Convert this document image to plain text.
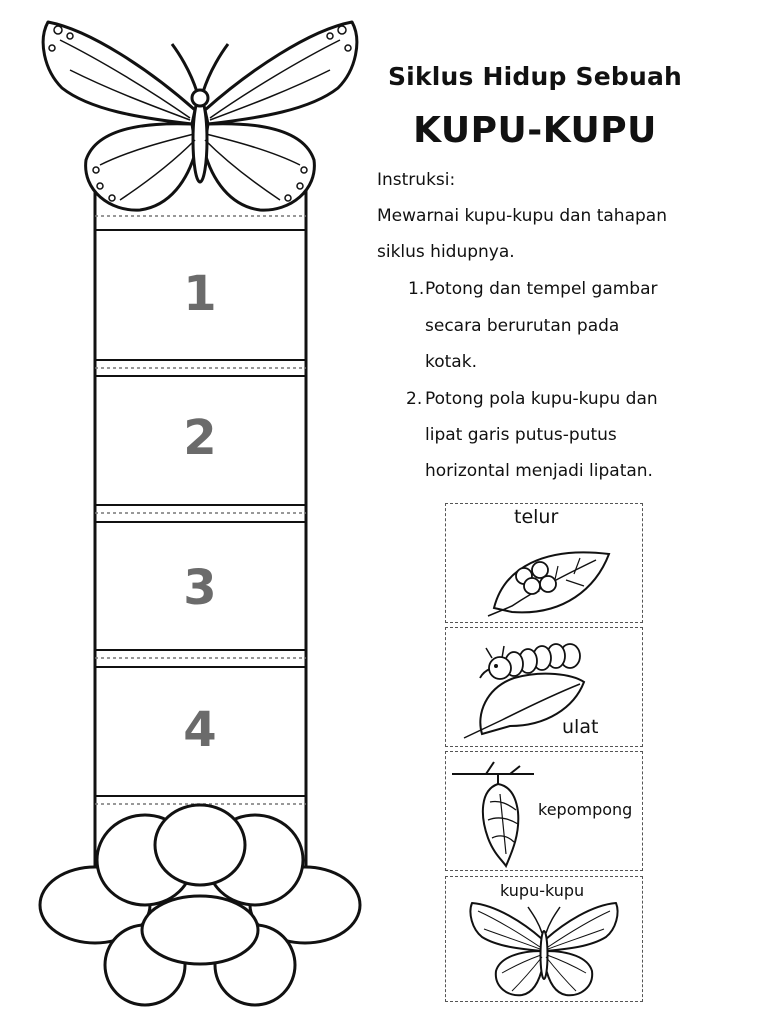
1
2
3
4
Siklus Hidup Sebuah
KUPU-KUPU
Instruksi:
Mewarnai kupu-kupu dan tahapan
siklus hidupnya.
1. Potong dan tempel gambar
secara berurutan pada
kotak.
2. Potong pola kupu-kupu dan
lipat garis putus-putus
horizontal menjadi lipatan.
telur
ulat
kepompong
kupu-kupu
